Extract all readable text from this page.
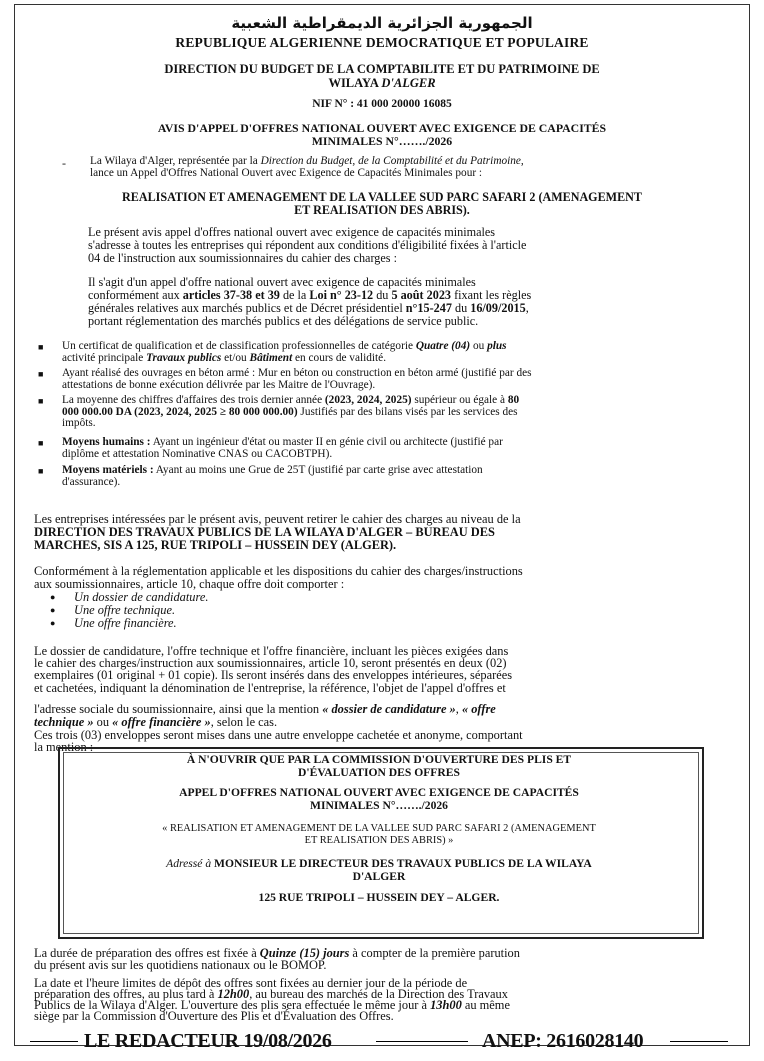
الجمهورية الجزائرية الديمقراطية الشعبية
REPUBLIQUE ALGERIENNE DEMOCRATIQUE ET POPULAIRE
DIRECTION DU BUDGET DE LA COMPTABILITE ET DU PATRIMOINE DE
WILAYA D'ALGER
NIF N° : 41 000 20000 16085
AVIS D'APPEL D'OFFRES NATIONAL OUVERT AVEC EXIGENCE DE CAPACITÉS
MINIMALES N°……./2026
- La Wilaya d'Alger, représentée par la Direction du Budget, de la Comptabilité et du Patrimoine,
lance un Appel d'Offres National Ouvert avec Exigence de Capacités Minimales pour :
REALISATION ET AMENAGEMENT DE LA VALLEE SUD PARC SAFARI 2 (AMENAGEMENT
ET REALISATION DES ABRIS).
Le présent avis appel d'offres national ouvert avec exigence de capacités minimales
s'adresse à toutes les entreprises qui répondent aux conditions d'éligibilité fixées à l'article
04 de l'instruction aux soumissionnaires du cahier des charges :
Il s'agit d'un appel d'offre national ouvert avec exigence de capacités minimales
conformément aux articles 37-38 et 39 de la Loi n° 23-12 du 5 août 2023 fixant les règles
générales relatives aux marchés publics et de Décret présidentiel n°15-247 du 16/09/2015,
portant réglementation des marchés publics et des délégations de service public.
■ Un certificat de qualification et de classification professionnelles de catégorie Quatre (04) ou plus
activité principale Travaux publics et/ou Bâtiment en cours de validité.
■ Ayant réalisé des ouvrages en béton armé : Mur en béton ou construction en béton armé (justifié par des
attestations de bonne exécution délivrée par les Maitre de l'Ouvrage).
■ La moyenne des chiffres d'affaires des trois dernier année (2023, 2024, 2025) supérieur ou égale à 80
000 000.00 DA (2023, 2024, 2025 ≥ 80 000 000.00) Justifiés par des bilans visés par les services des
impôts.
■ Moyens humains : Ayant un ingénieur d'état ou master II en génie civil ou architecte (justifié par
diplôme et attestation Nominative CNAS ou CACOBTPH).
■ Moyens matériels : Ayant au moins une Grue de 25T (justifié par carte grise avec attestation
d'assurance).
Les entreprises intéressées par le présent avis, peuvent retirer le cahier des charges au niveau de la
DIRECTION DES TRAVAUX PUBLICS DE LA WILAYA D'ALGER – BUREAU DES
MARCHES, SIS A 125, RUE TRIPOLI – HUSSEIN DEY (ALGER).
Conformément à la réglementation applicable et les dispositions du cahier des charges/instructions
aux soumissionnaires, article 10, chaque offre doit comporter :
● Un dossier de candidature.
● Une offre technique.
● Une offre financière.
Le dossier de candidature, l'offre technique et l'offre financière, incluant les pièces exigées dans
le cahier des charges/instruction aux soumissionnaires, article 10, seront présentés en deux (02)
exemplaires (01 original + 01 copie). Ils seront insérés dans des enveloppes intérieures, séparées
et cachetées, indiquant la dénomination de l'entreprise, la référence, l'objet de l'appel d'offres et
l'adresse sociale du soumissionnaire, ainsi que la mention « dossier de candidature », « offre
technique » ou « offre financière », selon le cas.
Ces trois (03) enveloppes seront mises dans une autre enveloppe cachetée et anonyme, comportant
la mention :
À N'OUVRIR QUE PAR LA COMMISSION D'OUVERTURE DES PLIS ET
D'ÉVALUATION DES OFFRES
APPEL D'OFFRES NATIONAL OUVERT AVEC EXIGENCE DE CAPACITÉS
MINIMALES N°……./2026
« REALISATION ET AMENAGEMENT DE LA VALLEE SUD PARC SAFARI 2 (AMENAGEMENT
ET REALISATION DES ABRIS) »
Adressé à MONSIEUR LE DIRECTEUR DES TRAVAUX PUBLICS DE LA WILAYA
D'ALGER
125 RUE TRIPOLI – HUSSEIN DEY – ALGER.
La durée de préparation des offres est fixée à Quinze (15) jours à compter de la première parution
du présent avis sur les quotidiens nationaux ou le BOMOP.
La date et l'heure limites de dépôt des offres sont fixées au dernier jour de la période de
préparation des offres, au plus tard à 12h00, au bureau des marchés de la Direction des Travaux
Publics de la Wilaya d'Alger. L'ouverture des plis sera effectuée le même jour à 13h00 au même
siège par la Commission d'Ouverture des Plis et d'Évaluation des Offres.
LE REDACTEUR 19/08/2026	ANEP: 2616028140
